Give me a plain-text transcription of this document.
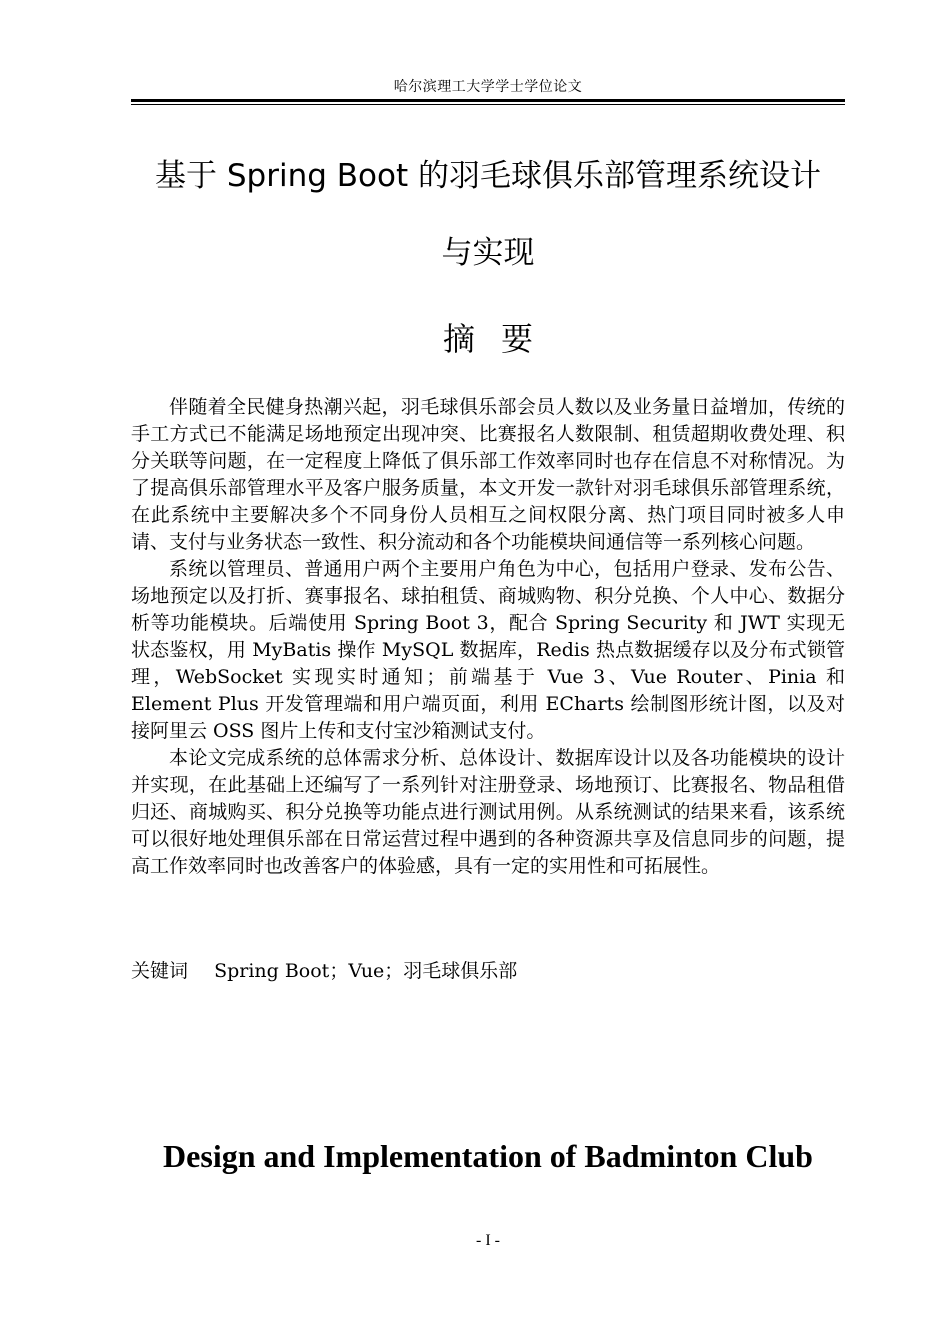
哈尔滨理工大学学士学位论文
基于 Spring Boot 的羽毛球俱乐部管理系统设计
与实现
摘要

伴随着全民健身热潮兴起，羽毛球俱乐部会员人数以及业务量日益增加，传统的手工方式已不能满足场地预定出现冲突、比赛报名人数限制、租赁超期收费处理、积分关联等问题，在一定程度上降低了俱乐部工作效率同时也存在信息不对称情况。为了提高俱乐部管理水平及客户服务质量，本文开发一款针对羽毛球俱乐部管理系统，在此系统中主要解决多个不同身份人员相互之间权限分离、热门项目同时被多人申请、支付与业务状态一致性、积分流动和各个功能模块间通信等一系列核心问题。

系统以管理员、普通用户两个主要用户角色为中心，包括用户登录、发布公告、场地预定以及打折、赛事报名、球拍租赁、商城购物、积分兑换、个人中心、数据分析等功能模块。后端使用 Spring Boot 3，配合 Spring Security 和 JWT 实现无状态鉴权，用 MyBatis 操作 MySQL 数据库，Redis 热点数据缓存以及分布式锁管理，WebSocket 实现实时通知；前端基于 Vue 3、Vue Router、Pinia 和 Element Plus 开发管理端和用户端页面，利用 ECharts 绘制图形统计图，以及对接阿里云 OSS 图片上传和支付宝沙箱测试支付。

本论文完成系统的总体需求分析、总体设计、数据库设计以及各功能模块的设计并实现，在此基础上还编写了一系列针对注册登录、场地预订、比赛报名、物品租借归还、商城购买、积分兑换等功能点进行测试用例。从系统测试的结果来看，该系统可以很好地处理俱乐部在日常运营过程中遇到的各种资源共享及信息同步的问题，提高工作效率同时也改善客户的体验感，具有一定的实用性和可拓展性。

关键词 Spring Boot；Vue；羽毛球俱乐部
Design and Implementation of Badminton Club
- I -
